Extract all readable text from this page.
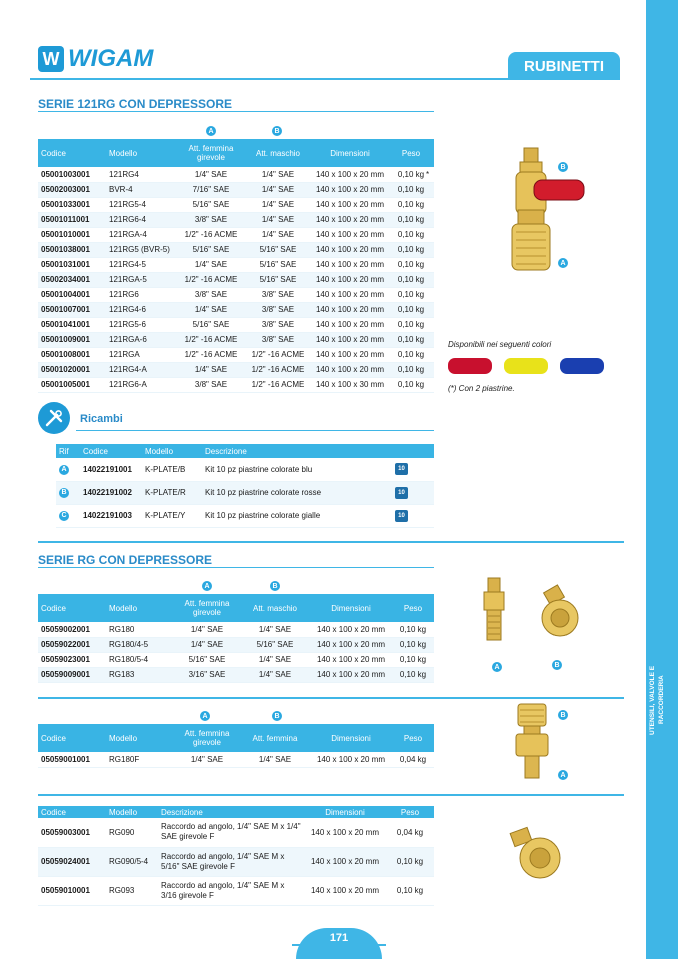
UTENSILI, VALVOLE E RACCORDERIA
W WIGAM	RUBINETTI
SERIE 121RG CON DEPRESSORE
A	B
Codice	Modello	Att. femmina girevole	Att. maschio	Dimensioni	Peso
05001003001	121RG4	1/4" SAE	1/4" SAE	140 x 100 x 20 mm	0,10 kg
05002003001	BVR-4	7/16" SAE	1/4" SAE	140 x 100 x 20 mm	0,10 kg
05001033001	121RG5-4	5/16" SAE	1/4" SAE	140 x 100 x 20 mm	0,10 kg
05001011001	121RG6-4	3/8" SAE	1/4" SAE	140 x 100 x 20 mm	0,10 kg
05001010001	121RGA-4	1/2" -16 ACME	1/4" SAE	140 x 100 x 20 mm	0,10 kg
05001038001	121RG5 (BVR-5)	5/16" SAE	5/16" SAE	140 x 100 x 20 mm	0,10 kg
05001031001	121RG4-5	1/4" SAE	5/16" SAE	140 x 100 x 20 mm	0,10 kg
05002034001	121RGA-5	1/2" -16 ACME	5/16" SAE	140 x 100 x 20 mm	0,10 kg
05001004001	121RG6	3/8" SAE	3/8" SAE	140 x 100 x 20 mm	0,10 kg
05001007001	121RG4-6	1/4" SAE	3/8" SAE	140 x 100 x 20 mm	0,10 kg
05001041001	121RG5-6	5/16" SAE	3/8" SAE	140 x 100 x 20 mm	0,10 kg
05001009001	121RGA-6	1/2" -16 ACME	3/8" SAE	140 x 100 x 20 mm	0,10 kg
05001008001	121RGA	1/2" -16 ACME	1/2" -16 ACME	140 x 100 x 20 mm	0,10 kg
05001020001	121RG4-A	1/4" SAE	1/2" -16 ACME	140 x 100 x 20 mm	0,10 kg
05001005001	121RG6-A	3/8" SAE	1/2" -16 ACME	140 x 100 x 30 mm	0,10 kg
*
B
A
Disponibili nei seguenti colori
(*) Con 2 piastrine.
Ricambi
Rif	Codice	Modello	Descrizione	
A	14022191001	K-PLATE/B	Kit 10 pz piastrine colorate blu	10
B	14022191002	K-PLATE/R	Kit 10 pz piastrine colorate rosse	10
C	14022191003	K-PLATE/Y	Kit 10 pz piastrine colorate gialle	10
SERIE RG CON DEPRESSORE
A	B
Codice	Modello	Att. femmina girevole	Att. maschio	Dimensioni	Peso
05059002001	RG180	1/4" SAE	1/4" SAE	140 x 100 x 20 mm	0,10 kg
05059022001	RG180/4-5	1/4" SAE	5/16" SAE	140 x 100 x 20 mm	0,10 kg
05059023001	RG180/5-4	5/16" SAE	1/4" SAE	140 x 100 x 20 mm	0,10 kg
05059009001	RG183	3/16" SAE	1/4" SAE	140 x 100 x 20 mm	0,10 kg
A	B
A	B
Codice	Modello	Att. femmina girevole	Att. femmina	Dimensioni	Peso
05059001001	RG180F	1/4" SAE	1/4" SAE	140 x 100 x 20 mm	0,04 kg
B
A
Codice	Modello	Descrizione	Dimensioni	Peso
05059003001	RG090	Raccordo ad angolo, 1/4" SAE M x 1/4" SAE girevole F	140 x 100 x 20 mm	0,04 kg
05059024001	RG090/5-4	Raccordo ad angolo, 1/4" SAE M x 5/16" SAE girevole F	140 x 100 x 20 mm	0,10 kg
05059010001	RG093	Raccordo ad angolo, 1/4" SAE M x 3/16 girevole F	140 x 100 x 20 mm	0,10 kg
171
